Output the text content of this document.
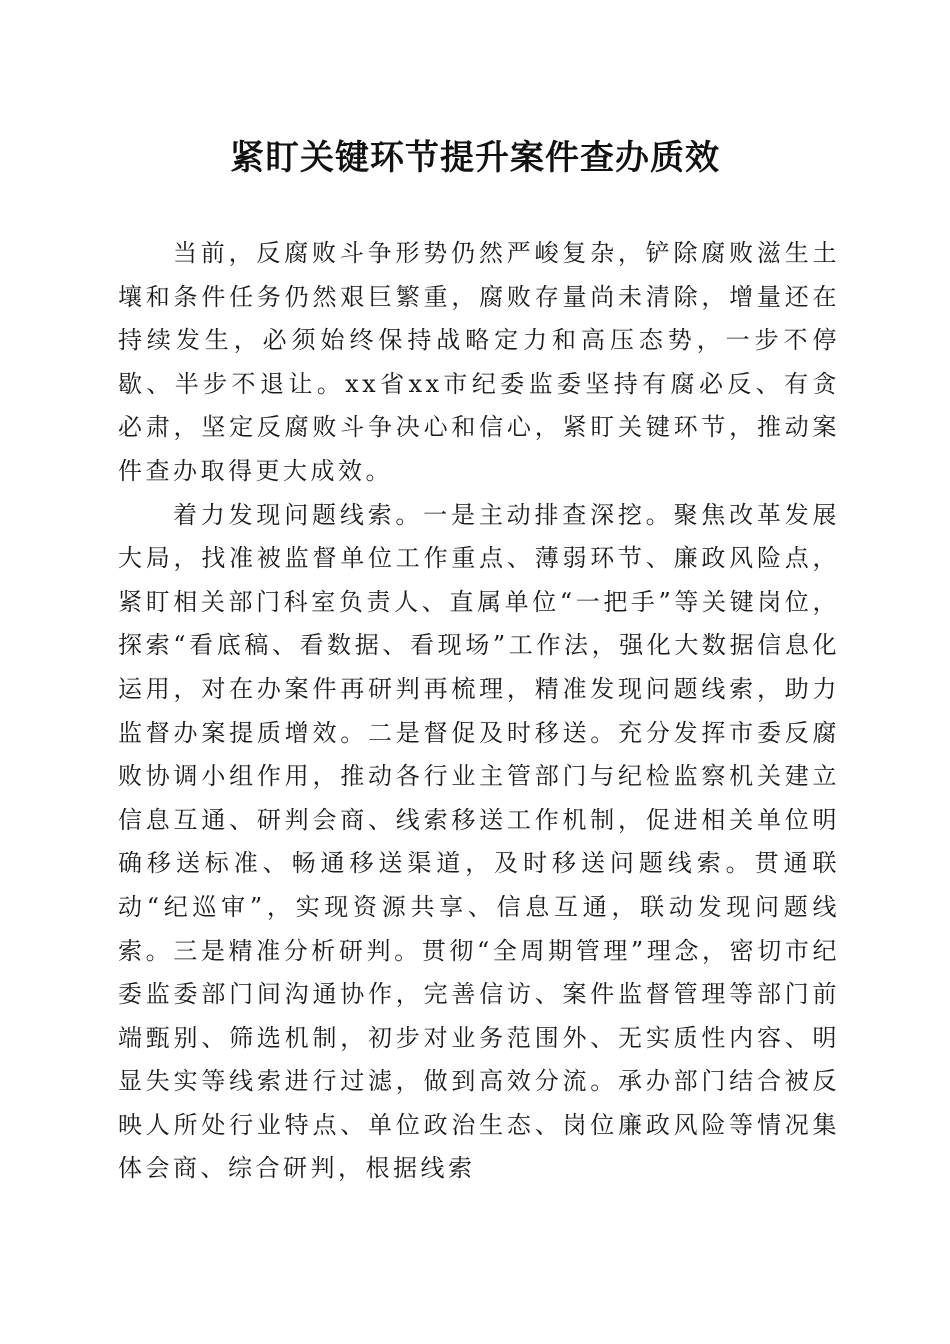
紧盯关键环节提升案件查办质效

当前，反腐败斗争形势仍然严峻复杂，铲除腐败滋生土壤和条件任务仍然艰巨繁重，腐败存量尚未清除，增量还在持续发生，必须始终保持战略定力和高压态势，一步不停歇、半步不退让。xx省xx市纪委监委坚持有腐必反、有贪必肃，坚定反腐败斗争决心和信心，紧盯关键环节，推动案件查办取得更大成效。

着力发现问题线索。一是主动排查深挖。聚焦改革发展大局，找准被监督单位工作重点、薄弱环节、廉政风险点，紧盯相关部门科室负责人、直属单位“一把手”等关键岗位，探索“看底稿、看数据、看现场”工作法，强化大数据信息化运用，对在办案件再研判再梳理，精准发现问题线索，助力监督办案提质增效。二是督促及时移送。充分发挥市委反腐败协调小组作用，推动各行业主管部门与纪检监察机关建立信息互通、研判会商、线索移送工作机制，促进相关单位明确移送标准、畅通移送渠道，及时移送问题线索。贯通联动“纪巡审”，实现资源共享、信息互通，联动发现问题线索。三是精准分析研判。贯彻“全周期管理”理念，密切市纪委监委部门间沟通协作，完善信访、案件监督管理等部门前端甄别、筛选机制，初步对业务范围外、无实质性内容、明显失实等线索进行过滤，做到高效分流。承办部门结合被反映人所处行业特点、单位政治生态、岗位廉政风险等情况集体会商、综合研判，根据线索
